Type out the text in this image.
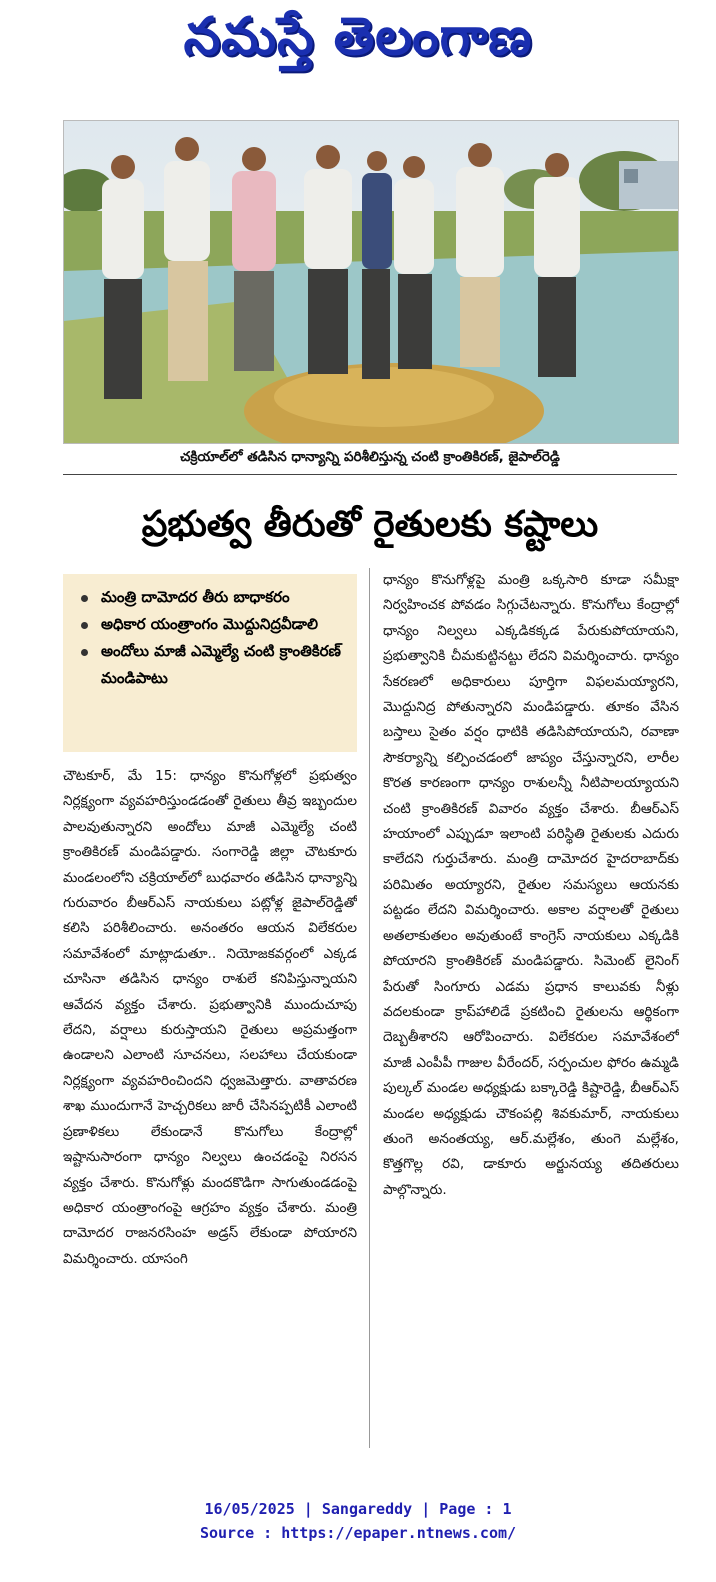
నమస్తే తెలంగాణ
చక్రియాల్‌లో తడిసిన ధాన్యాన్ని పరిశీలిస్తున్న చంటి క్రాంతికిరణ్, జైపాల్‌రెడ్డి
ప్రభుత్వ తీరుతో రైతులకు కష్టాలు
మంత్రి దామోదర తీరు బాధాకరం
అధికార యంత్రాంగం మొద్దునిద్రవీడాలి
అందోలు మాజీ ఎమ్మెల్యే చంటి క్రాంతికిరణ్ మండిపాటు
చౌటకూర్, మే 15: ధాన్యం కొనుగోళ్లలో ప్రభుత్వం నిర్లక్ష్యంగా వ్యవహరిస్తుండడంతో రైతులు తీవ్ర ఇబ్బందుల పాలవుతున్నారని అందోలు మాజీ ఎమ్మెల్యే చంటి క్రాంతికిరణ్ మండిపడ్డారు. సంగారెడ్డి జిల్లా చౌటకూరు మండలంలోని చక్రియాల్‌లో బుధవారం తడిసిన ధాన్యాన్ని గురువారం బీఆర్‌ఎస్ నాయకులు పట్లోళ్ల జైపాల్‌రెడ్డితో కలిసి పరిశీలించారు. అనంతరం ఆయన విలేకరుల సమావేశంలో మాట్లాడుతూ.. నియోజకవర్గంలో ఎక్కడ చూసినా తడిసిన ధాన్యం రాశులే కనిపిస్తున్నాయని ఆవేదన వ్యక్తం చేశారు. ప్రభుత్వానికి ముందుచూపు లేదని, వర్షాలు కురుస్తాయని రైతులు అప్రమత్తంగా ఉండాలని ఎలాంటి సూచనలు, సలహాలు చేయకుండా నిర్లక్ష్యంగా వ్యవహరించిందని ధ్వజమెత్తారు. వాతావరణ శాఖ ముందుగానే హెచ్చరికలు జారీ చేసినప్పటికీ ఎలాంటి ప్రణాళికలు లేకుండానే కొనుగోలు కేంద్రాల్లో ఇష్టానుసారంగా ధాన్యం నిల్వలు ఉంచడంపై నిరసన వ్యక్తం చేశారు. కొనుగోళ్లు మందకొడిగా సాగుతుండడంపై అధికార యంత్రాంగంపై ఆగ్రహం వ్యక్తం చేశారు. మంత్రి దామోదర రాజనరసింహ అడ్రస్ లేకుండా పోయారని విమర్శించారు. యాసంగి
ధాన్యం కొనుగోళ్లపై మంత్రి ఒక్కసారి కూడా సమీక్షా నిర్వహించక పోవడం సిగ్గుచేటన్నారు. కొనుగోలు కేంద్రాల్లో ధాన్యం నిల్వలు ఎక్కడికక్కడ పేరుకుపోయాయని, ప్రభుత్వానికి చీమకుట్టినట్టు లేదని విమర్శించారు. ధాన్యం సేకరణలో అధికారులు పూర్తిగా విఫలమయ్యారని, మొద్దునిద్ర పోతున్నారని మండిపడ్డారు. తూకం వేసిన బస్తాలు సైతం వర్షం ధాటికి తడిసిపోయాయని, రవాణా సౌకర్యాన్ని కల్పించడంలో జాప్యం చేస్తున్నారని, లారీల కొరత కారణంగా ధాన్యం రాశులన్నీ నీటిపాలయ్యాయని చంటి క్రాంతికిరణ్ వివారం వ్యక్తం చేశారు. బీఆర్‌ఎస్ హయాంలో ఎప్పుడూ ఇలాంటి పరిస్థితి రైతులకు ఎదురు కాలేదని గుర్తుచేశారు. మంత్రి దామోదర హైదరాబాద్‌కు పరిమితం అయ్యారని, రైతుల సమస్యలు ఆయనకు పట్టడం లేదని విమర్శించారు. అకాల వర్షాలతో రైతులు అతలాకుతలం అవుతుంటే కాంగ్రెస్ నాయకులు ఎక్కడికి పోయారని క్రాంతికిరణ్ మండిపడ్డారు. సిమెంట్ లైనింగ్ పేరుతో సింగూరు ఎడమ ప్రధాన కాలువకు నీళ్లు వదలకుండా క్రాప్‌హాలిడే ప్రకటించి రైతులను ఆర్థికంగా దెబ్బతీశారని ఆరోపించారు. విలేకరుల సమావేశంలో మాజీ ఎంపీపీ గాజుల వీరేందర్, సర్పంచుల ఫోరం ఉమ్మడి పుల్కల్ మండల అధ్యక్షుడు బక్కారెడ్డి కిష్టారెడ్డి, బీఆర్‌ఎస్ మండల అధ్యక్షుడు చౌకంపల్లి శివకుమార్, నాయకులు తుంగె అనంతయ్య, ఆర్.మల్లేశం, తుంగె మల్లేశం, కొత్తగొల్ల రవి, డాకూరు అర్జునయ్య తదితరులు పాల్గొన్నారు.
16/05/2025 | Sangareddy | Page : 1
Source : https://epaper.ntnews.com/
